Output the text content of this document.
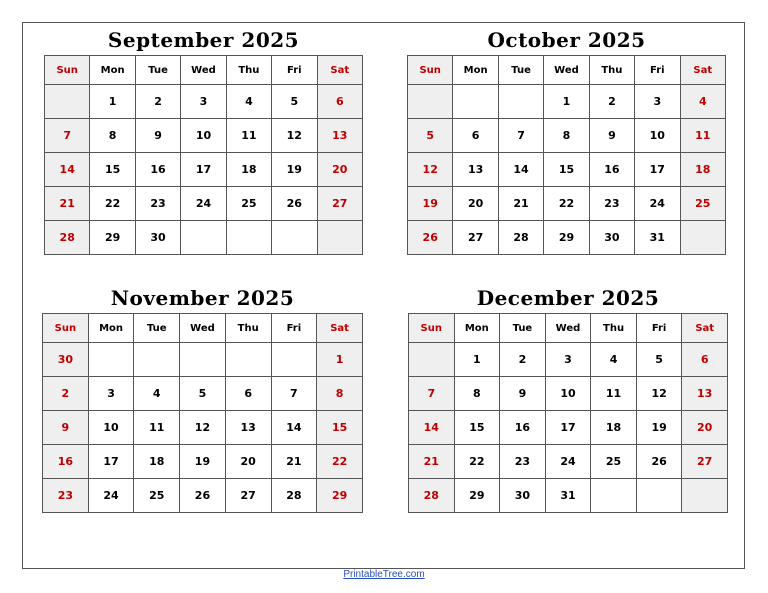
September 2025
Sun	Mon	Tue	Wed	Thu	Fri	Sat
	1	2	3	4	5	6
7	8	9	10	11	12	13
14	15	16	17	18	19	20
21	22	23	24	25	26	27
28	29	30				
October 2025
Sun	Mon	Tue	Wed	Thu	Fri	Sat
			1	2	3	4
5	6	7	8	9	10	11
12	13	14	15	16	17	18
19	20	21	22	23	24	25
26	27	28	29	30	31	
November 2025
Sun	Mon	Tue	Wed	Thu	Fri	Sat
30						1
2	3	4	5	6	7	8
9	10	11	12	13	14	15
16	17	18	19	20	21	22
23	24	25	26	27	28	29
December 2025
Sun	Mon	Tue	Wed	Thu	Fri	Sat
	1	2	3	4	5	6
7	8	9	10	11	12	13
14	15	16	17	18	19	20
21	22	23	24	25	26	27
28	29	30	31			
PrintableTree.com
